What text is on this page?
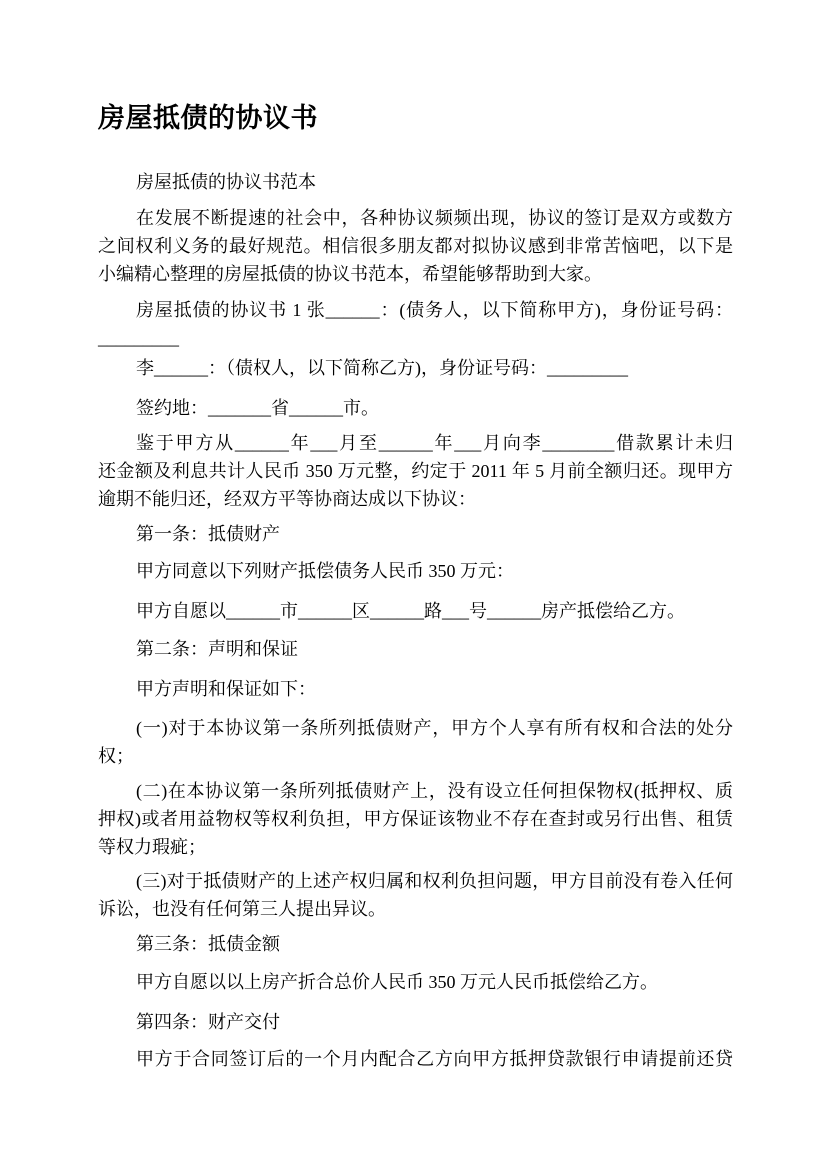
房屋抵债的协议书
房屋抵债的协议书范本
在发展不断提速的社会中，各种协议频频出现，协议的签订是双方或数方
之间权利义务的最好规范。相信很多朋友都对拟协议感到非常苦恼吧，以下是
小编精心整理的房屋抵债的协议书范本，希望能够帮助到大家。
房屋抵债的协议书 1 张______：(债务人，以下简称甲方)，身份证号码：
_________
李______：（债权人，以下简称乙方)，身份证号码：_________
签约地：_______省______市。
鉴于甲方从______年___月至______年___月向李________借款累计未归
还金额及利息共计人民币 350 万元整，约定于 2011 年 5 月前全额归还。现甲方
逾期不能归还，经双方平等协商达成以下协议：
第一条：抵债财产
甲方同意以下列财产抵偿债务人民币 350 万元：
甲方自愿以______市______区______路___号______房产抵偿给乙方。
第二条：声明和保证
甲方声明和保证如下：
(一)对于本协议第一条所列抵债财产，甲方个人享有所有权和合法的处分
权；
(二)在本协议第一条所列抵债财产上，没有设立任何担保物权(抵押权、质
押权)或者用益物权等权利负担，甲方保证该物业不存在查封或另行出售、租赁
等权力瑕疵；
(三)对于抵债财产的上述产权归属和权利负担问题，甲方目前没有卷入任何
诉讼，也没有任何第三人提出异议。
第三条：抵债金额
甲方自愿以以上房产折合总价人民币 350 万元人民币抵偿给乙方。
第四条：财产交付
甲方于合同签订后的一个月内配合乙方向甲方抵押贷款银行申请提前还贷
